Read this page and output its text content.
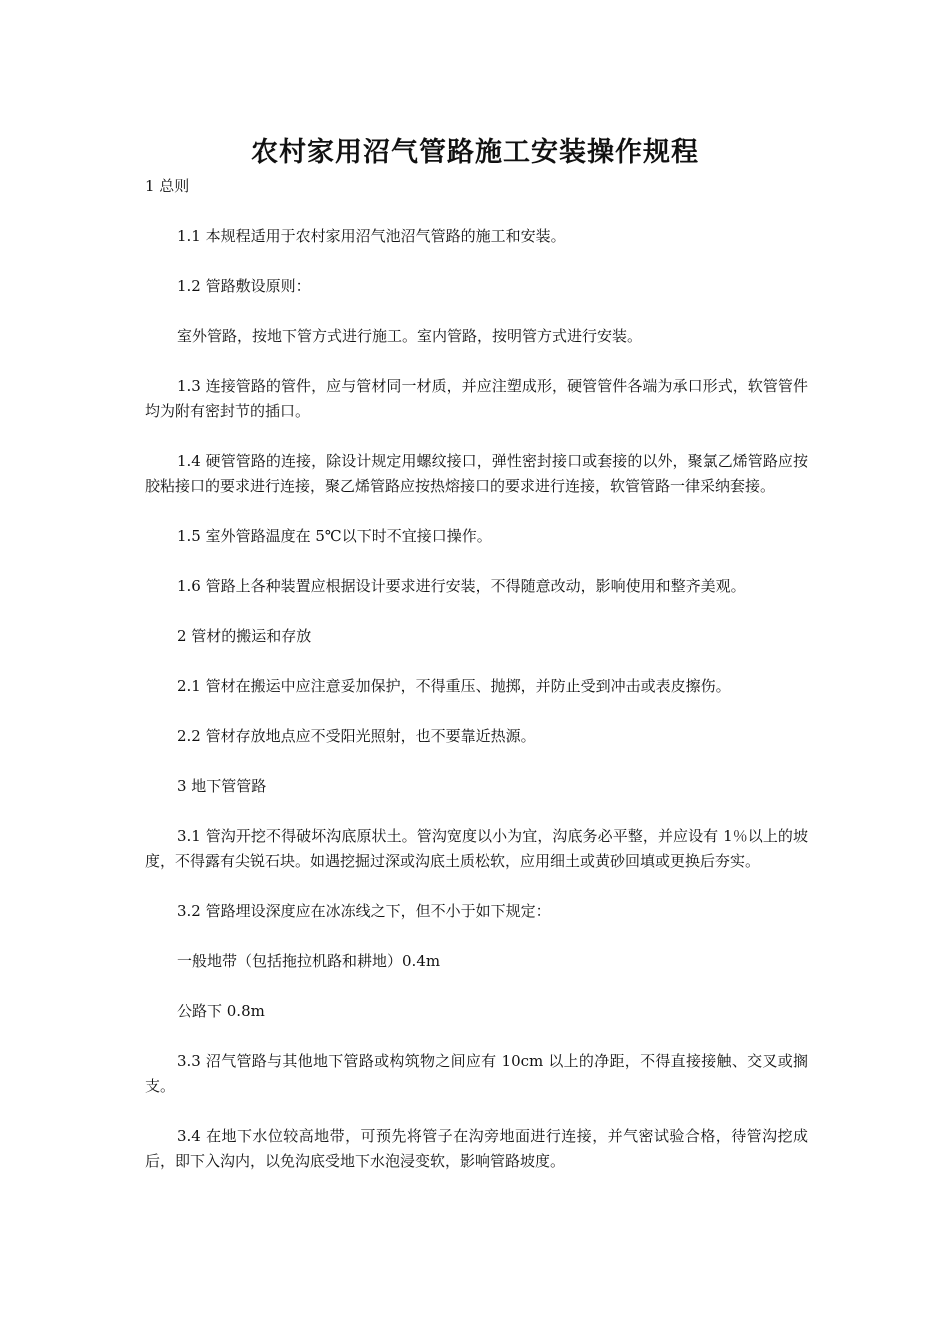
农村家用沼气管路施工安装操作规程

1 总则

1.1 本规程适用于农村家用沼气池沼气管路的施工和安装。

1.2 管路敷设原则：

室外管路，按地下管方式进行施工。室内管路，按明管方式进行安装。

1.3 连接管路的管件，应与管材同一材质，并应注塑成形，硬管管件各端为承口形式，软管管件均为附有密封节的插口。

1.4 硬管管路的连接，除设计规定用螺纹接口，弹性密封接口或套接的以外，聚氯乙烯管路应按胶粘接口的要求进行连接，聚乙烯管路应按热熔接口的要求进行连接，软管管路一律采纳套接。

1.5 室外管路温度在 5℃以下时不宜接口操作。

1.6 管路上各种装置应根据设计要求进行安装，不得随意改动，影响使用和整齐美观。

2 管材的搬运和存放

2.1 管材在搬运中应注意妥加保护，不得重压、抛掷，并防止受到冲击或表皮擦伤。

2.2 管材存放地点应不受阳光照射，也不要靠近热源。

3 地下管管路

3.1 管沟开挖不得破坏沟底原状土。管沟宽度以小为宜，沟底务必平整，并应设有 1％以上的坡度，不得露有尖锐石块。如遇挖掘过深或沟底土质松软，应用细土或黄砂回填或更换后夯实。

3.2 管路埋设深度应在冰冻线之下，但不小于如下规定：

一般地带（包括拖拉机路和耕地）0.4m

公路下 0.8m

3.3 沼气管路与其他地下管路或构筑物之间应有 10cm 以上的净距，不得直接接触、交叉或搁支。

3.4 在地下水位较高地带，可预先将管子在沟旁地面进行连接，并气密试验合格，待管沟挖成后，即下入沟内，以免沟底受地下水泡浸变软，影响管路坡度。
